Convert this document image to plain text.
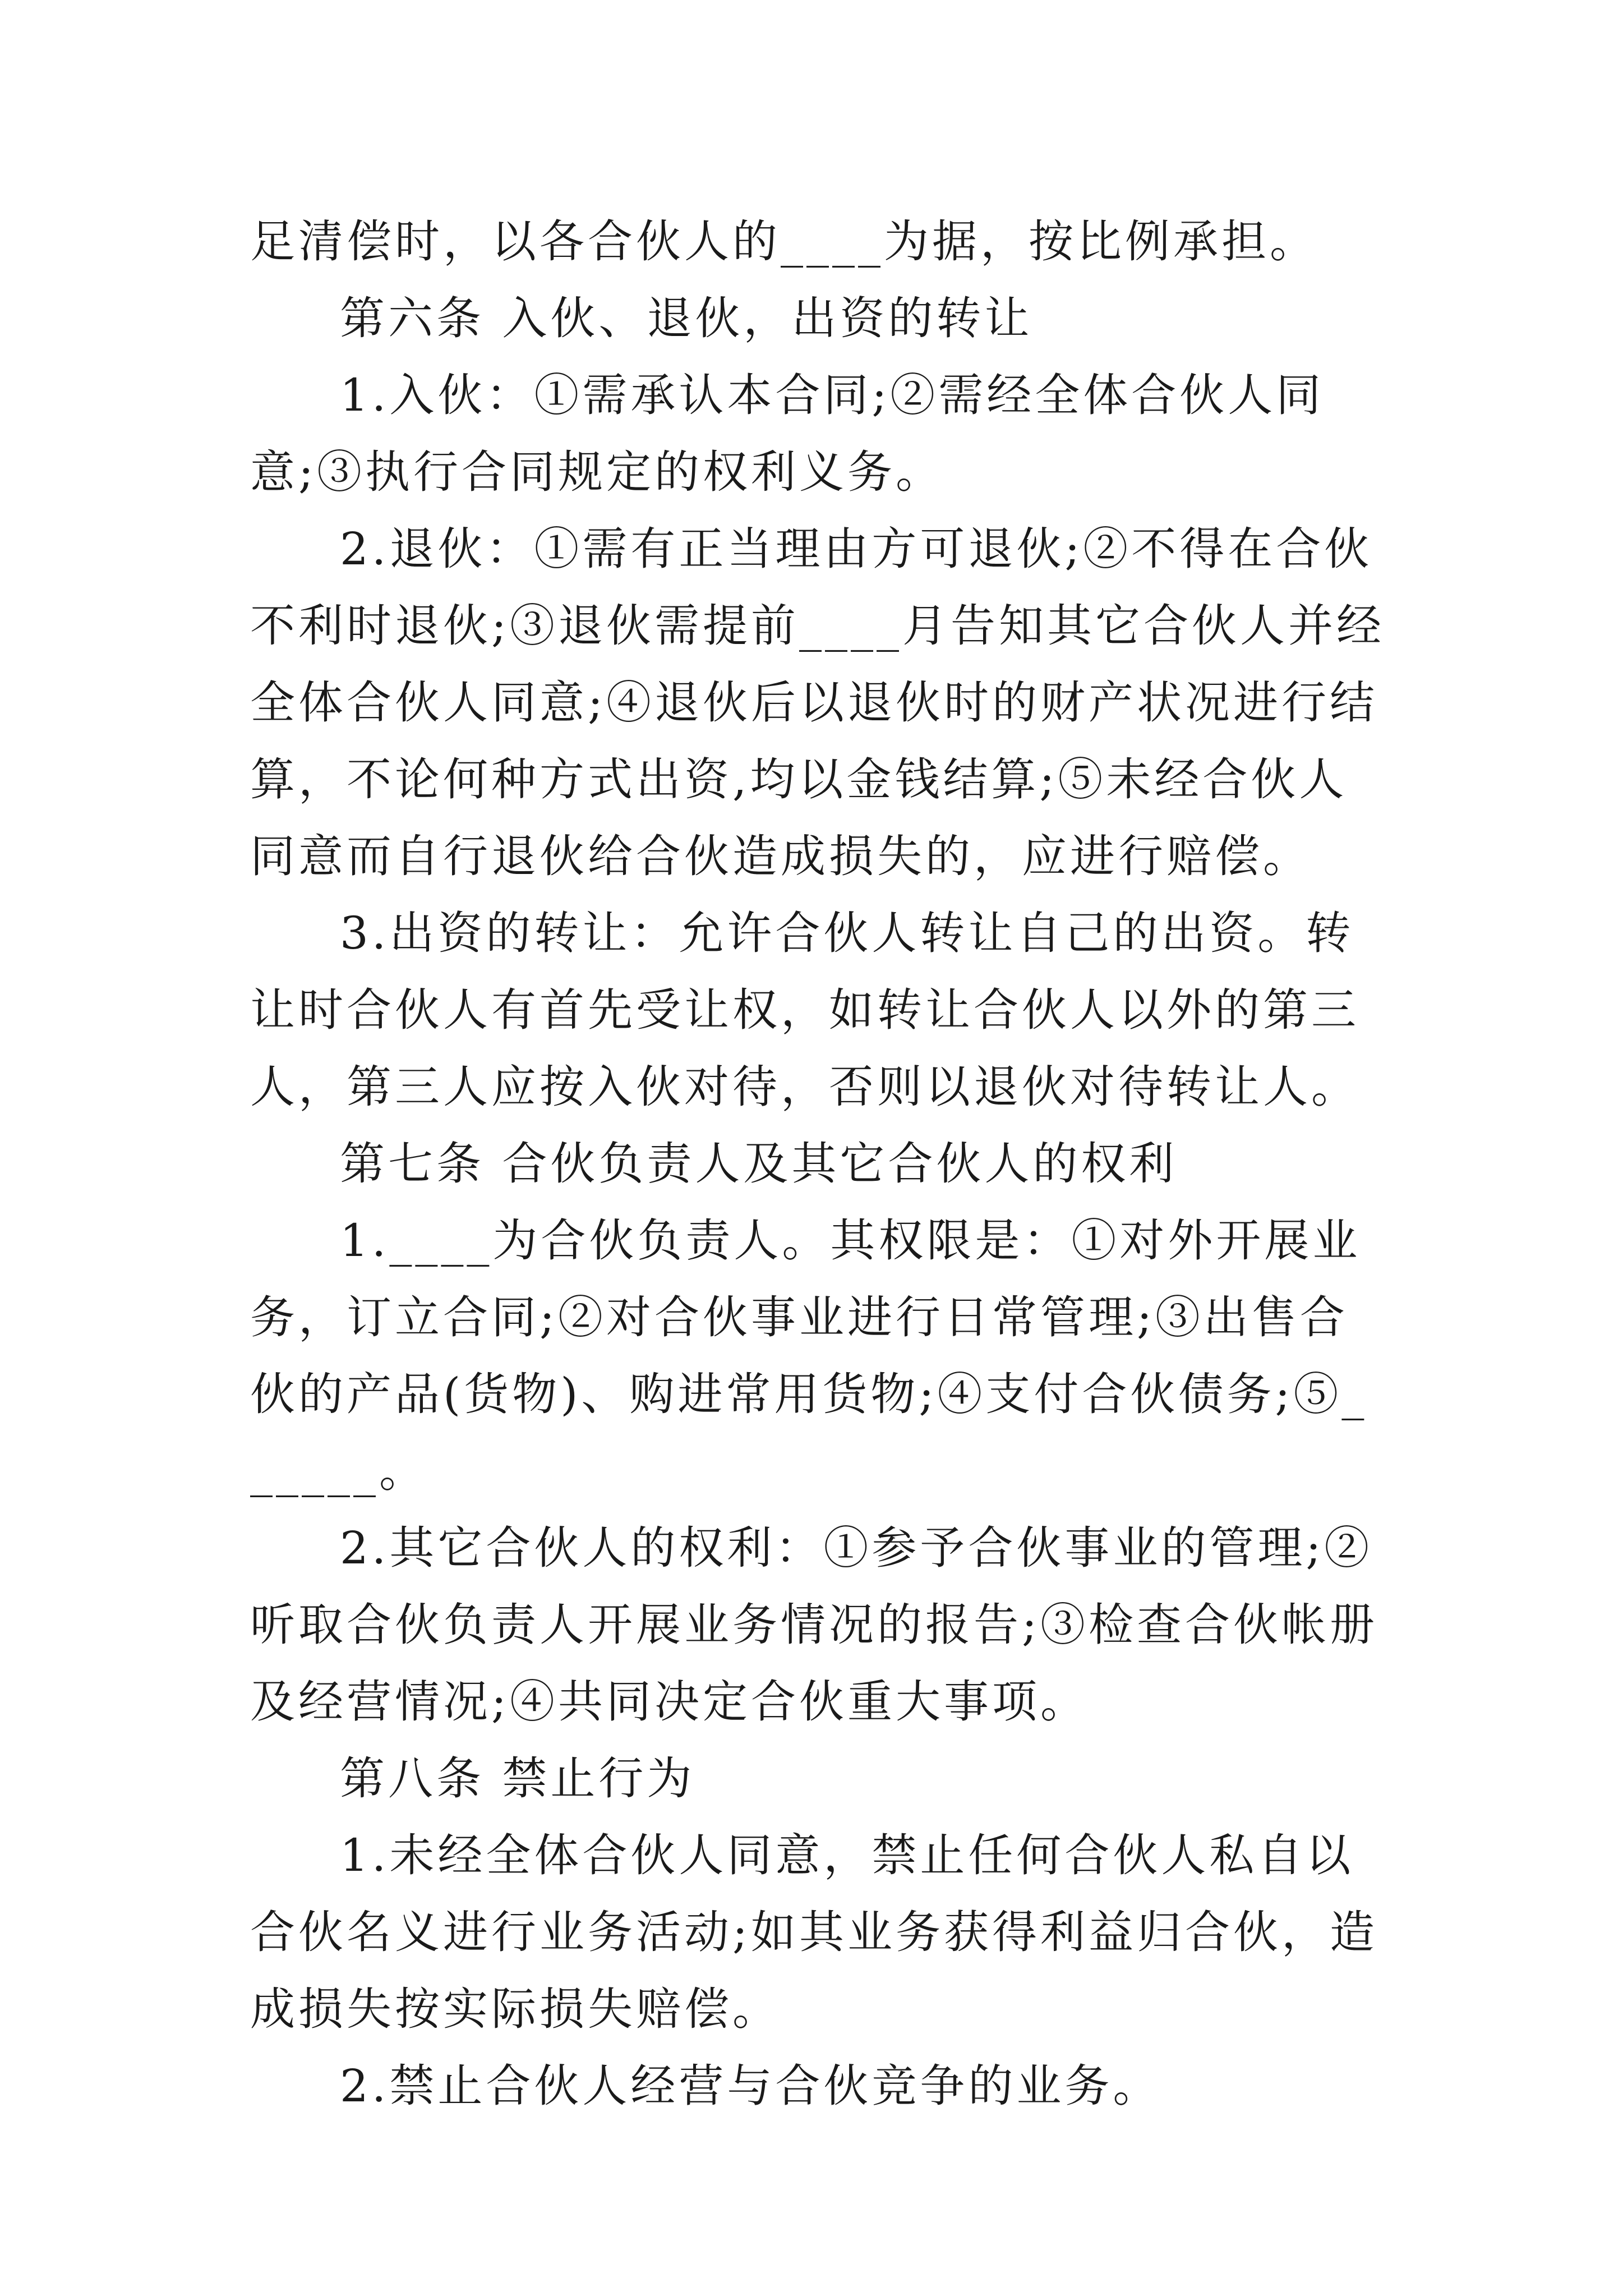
足清偿时，以各合伙人的____为据，按比例承担。

第六条 入伙、退伙，出资的转让

1.入伙：①需承认本合同;②需经全体合伙人同意;③执行合同规定的权利义务。

2.退伙：①需有正当理由方可退伙;②不得在合伙不利时退伙;③退伙需提前____月告知其它合伙人并经全体合伙人同意;④退伙后以退伙时的财产状况进行结算，不论何种方式出资,均以金钱结算;⑤未经合伙人同意而自行退伙给合伙造成损失的，应进行赔偿。

3.出资的转让：允许合伙人转让自己的出资。转让时合伙人有首先受让权，如转让合伙人以外的第三人，第三人应按入伙对待，否则以退伙对待转让人。

第七条 合伙负责人及其它合伙人的权利

1.____为合伙负责人。其权限是：①对外开展业务，订立合同;②对合伙事业进行日常管理;③出售合伙的产品(货物)、购进常用货物;④支付合伙债务;⑤______。

2.其它合伙人的权利：①参予合伙事业的管理;②听取合伙负责人开展业务情况的报告;③检查合伙帐册及经营情况;④共同决定合伙重大事项。

第八条 禁止行为

1.未经全体合伙人同意，禁止任何合伙人私自以合伙名义进行业务活动;如其业务获得利益归合伙，造成损失按实际损失赔偿。

2.禁止合伙人经营与合伙竞争的业务。
